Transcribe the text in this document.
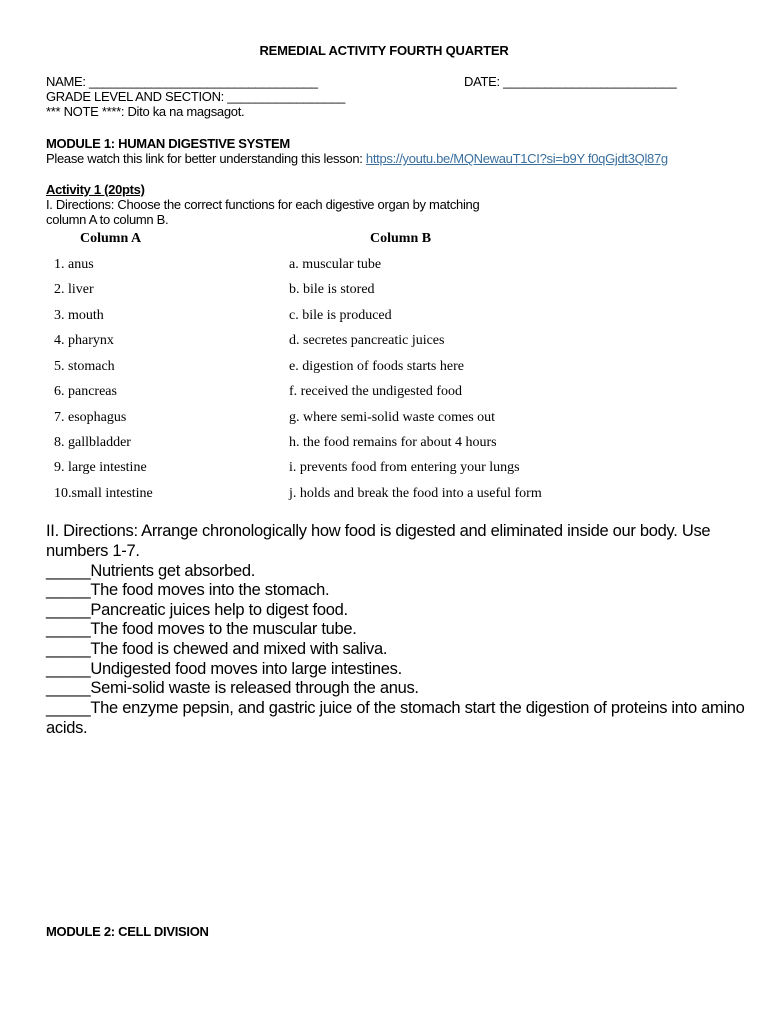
REMEDIAL ACTIVITY FOURTH QUARTER
NAME: _________________________________	DATE: _________________________
GRADE LEVEL AND SECTION: _________________
*** NOTE ****: Dito ka na magsagot.
MODULE 1: HUMAN DIGESTIVE SYSTEM
Please watch this link for better understanding this lesson: https://youtu.be/MQNewauT1CI?si=b9Y f0qGjdt3Ql87g
Activity 1 (20pts)
I. Directions: Choose the correct functions for each digestive organ by matching
column A to column B.
Column A	Column B
1. anus
2. liver
3. mouth
4. pharynx
5. stomach
6. pancreas
7. esophagus
8. gallbladder
9. large intestine
10.small intestine
a. muscular tube
b. bile is stored
c. bile is produced
d. secretes pancreatic juices
e. digestion of foods starts here
f. received the undigested food
g. where semi-solid waste comes out
h. the food remains for about 4 hours
i. prevents food from entering your lungs
j. holds and break the food into a useful form
II. Directions: Arrange chronologically how food is digested and eliminated inside our body. Use
numbers 1-7.
_____Nutrients get absorbed.
_____The food moves into the stomach.
_____Pancreatic juices help to digest food.
_____The food moves to the muscular tube.
_____The food is chewed and mixed with saliva.
_____Undigested food moves into large intestines.
_____Semi-solid waste is released through the anus.
_____The enzyme pepsin, and gastric juice of the stomach start the digestion of proteins into amino
acids.
MODULE 2: CELL DIVISION
